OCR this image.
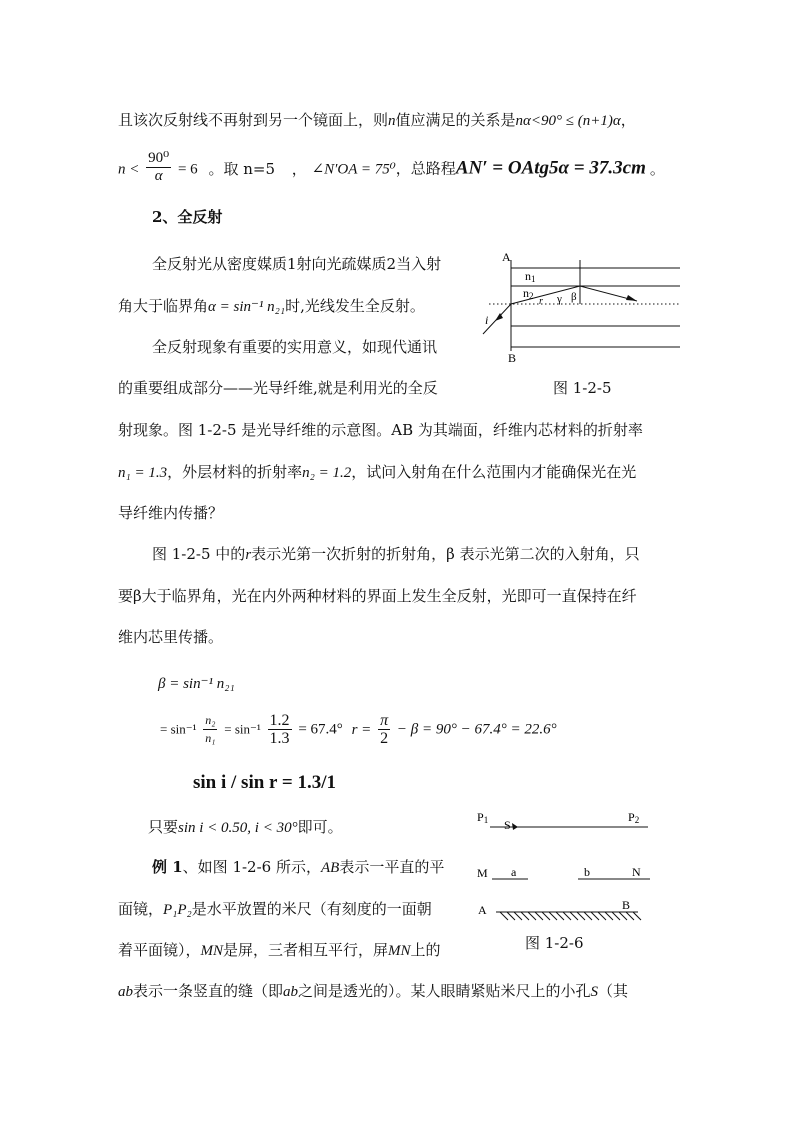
且该次反射线不再射到另一个镜面上，则n值应满足的关系是nα<90° ≤ (n+1)α，
$n < \frac{\text{90⁰}}{\alpha} = 6$ 。取 n=5 ， ∠N′OA = 75⁰，总路程AN′ = OAtg5α = 37.3cm 。
2、全反射
全反射光从密度媒质1射向光疏媒质2当入射
角大于临界角α = sin⁻¹ n₂₁时,光线发生全反射。
全反射现象有重要的实用意义，如现代通讯
的重要组成部分——光导纤维,就是利用光的全反
射现象。图 1-2-5 是光导纤维的示意图。AB 为其端面，纤维内芯材料的折射率
n₁ = 1.3，外层材料的折射率n₂ = 1.2，试问入射角在什么范围内才能确保光在光
导纤维内传播？
图 1-2-5 中的r表示光第一次折射的折射角，β 表示光第二次的入射角，只
要β大于临界角，光在内外两种材料的界面上发生全反射，光即可一直保持在纤
维内芯里传播。
β = sin⁻¹ n₂₁
= $\sin^{-1} \frac{\text{n₂}}{\text{n₁}} = \sin^{-1} \frac{1.2}{1.3} = 67.4^\circ$ $r = \frac{\pi}{2} - \beta = 90^\circ - 67.4^\circ = 22.6^\circ$
sin i / sin r = 1.3/1
只要sin i < 0.50, i < 30°即可。
例 1、如图 1-2-6 所示，AB表示一平直的平
面镜，P₁P₂是水平放置的米尺（有刻度的一面朝
着平面镜），MN是屏，三者相互平行，屏MN上的
ab表示一条竖直的缝（即ab之间是透光的）。某人眼睛紧贴米尺上的小孔S（其
A
B
n1
n2
i
r γ β
图 1-2-5
P1 S
P2
M a	b	N
A	B
图 1-2-6
